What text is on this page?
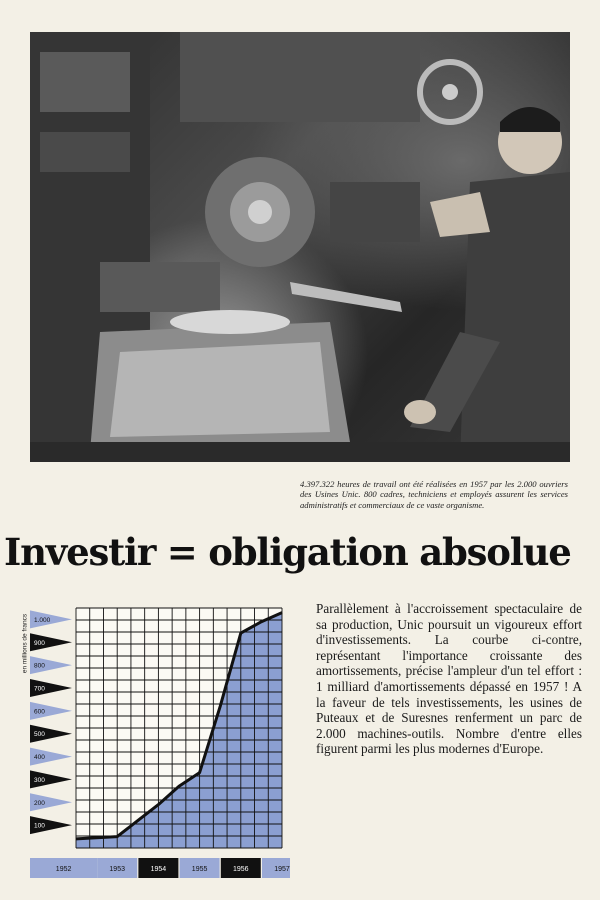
4.397.322 heures de travail ont été réalisées en 1957 par les 2.000 ouvriers des Usines Unic. 800 cadres, techniciens et employés assurent les services administratifs et commerciaux de ce vaste organisme.
Investir = obligation absolue
Parallèlement à l'accroissement spectaculaire de sa production, Unic poursuit un vigoureux effort d'investissements. La courbe ci-contre, représentant l'importance croissante des amortissements, précise l'ampleur d'un tel effort : 1 milliard d'amortissements dépassé en 1957 ! A la faveur de tels investissements, les usines de Puteaux et de Suresnes renferment un parc de 2.000 machines-outils. Nombre d'entre elles figurent parmi les plus modernes d'Europe.
en millions de francs 1.000
900
800
700
600
500
400
300
200
100
1952	1953	1954	1955	1956	1957
